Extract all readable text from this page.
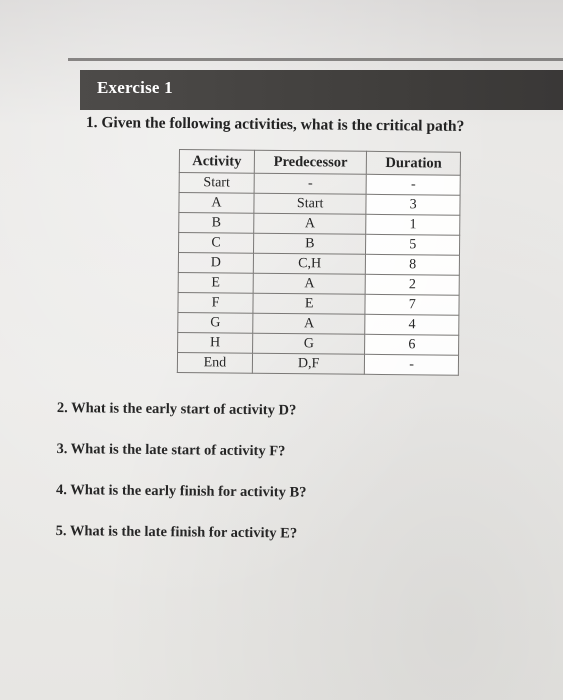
Exercise 1
1. Given the following activities, what is the critical path?
Activity	Predecessor	Duration
Start	-	-
A	Start	3
B	A	1
C	B	5
D	C,H	8
E	A	2
F	E	7
G	A	4
H	G	6
End	D,F	-
2. What is the early start of activity D?
3. What is the late start of activity F?
4. What is the early finish for activity B?
5. What is the late finish for activity E?
